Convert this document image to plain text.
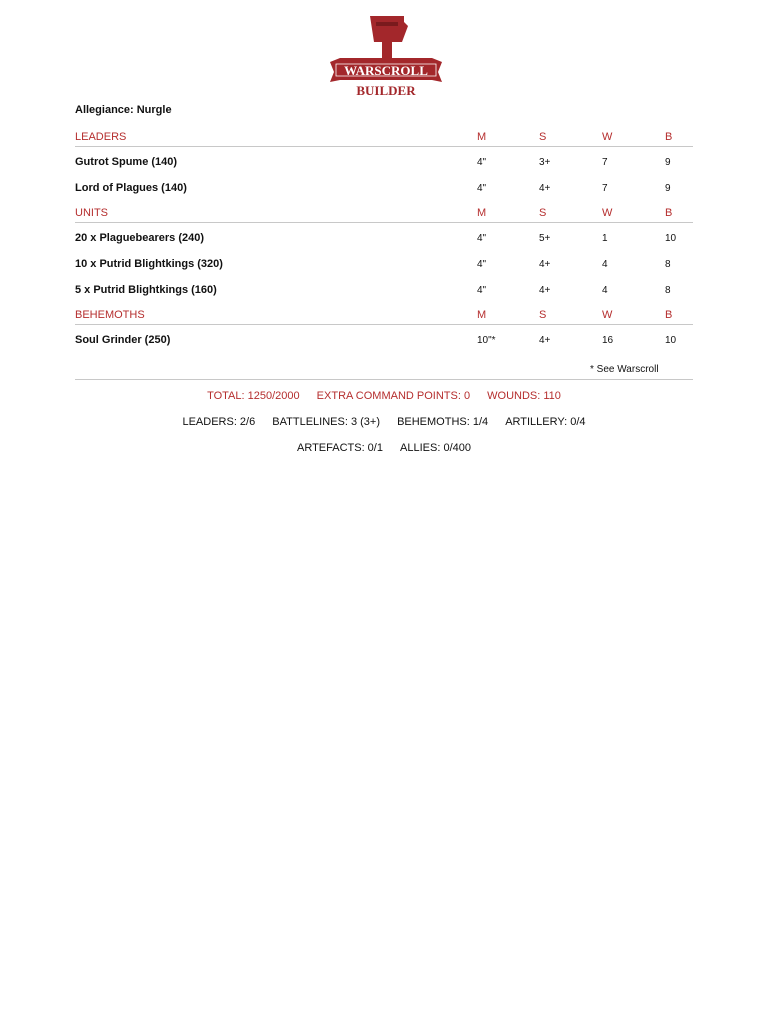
WARSCROLL
BUILDER
Allegiance: Nurgle
LEADERS	M	S	W	B
Gutrot Spume (140)	4"	3+	7	9
Lord of Plagues (140)	4"	4+	7	9
UNITS	M	S	W	B
20 x Plaguebearers (240)	4"	5+	1	10
10 x Putrid Blightkings (320)	4"	4+	4	8
5 x Putrid Blightkings (160)	4"	4+	4	8
BEHEMOTHS	M	S	W	B
Soul Grinder (250)	10"*	4+	16	10
* See Warscroll
TOTAL: 1250/2000 EXTRA COMMAND POINTS: 0 WOUNDS: 110
LEADERS: 2/6 BATTLELINES: 3 (3+) BEHEMOTHS: 1/4 ARTILLERY: 0/4
ARTEFACTS: 0/1 ALLIES: 0/400
